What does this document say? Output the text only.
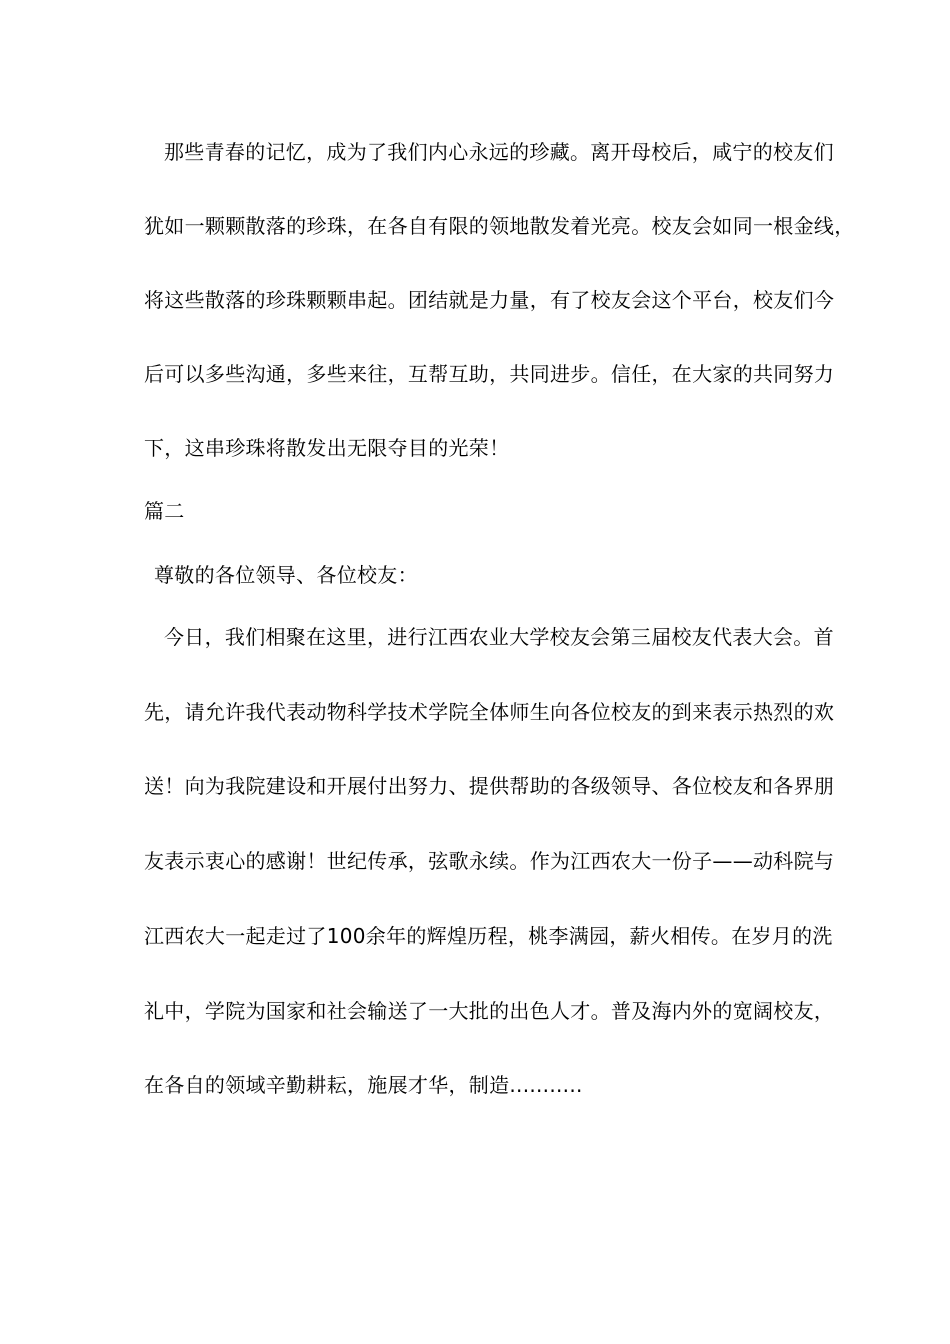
那些青春的记忆，成为了我们内心永远的珍藏。离开母校后，咸宁的校友们
犹如一颗颗散落的珍珠，在各自有限的领地散发着光亮。校友会如同一根金线，
将这些散落的珍珠颗颗串起。团结就是力量，有了校友会这个平台，校友们今
后可以多些沟通，多些来往，互帮互助，共同进步。信任，在大家的共同努力
下，这串珍珠将散发出无限夺目的光荣！
篇二
尊敬的各位领导、各位校友：
今日，我们相聚在这里，进行江西农业大学校友会第三届校友代表大会。首
先，请允许我代表动物科学技术学院全体师生向各位校友的到来表示热烈的欢
送！向为我院建设和开展付出努力、提供帮助的各级领导、各位校友和各界朋
友表示衷心的感谢！世纪传承，弦歌永续。作为江西农大一份子——动科院与
江西农大一起走过了100余年的辉煌历程，桃李满园，薪火相传。在岁月的洗
礼中，学院为国家和社会输送了一大批的出色人才。普及海内外的宽阔校友，
在各自的领域辛勤耕耘，施展才华，制造...........
